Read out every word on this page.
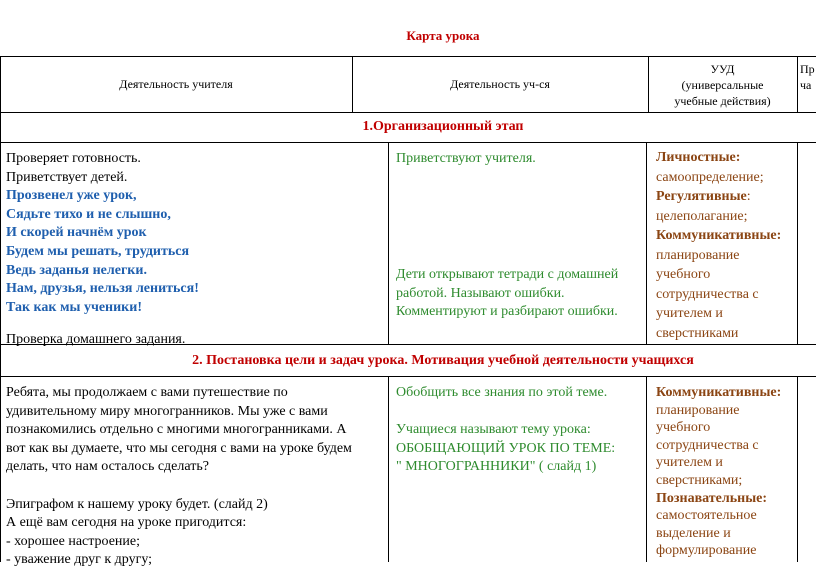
Карта урока
Деятельность учителя	Деятельность уч-ся
УУД
(универсальные
учебные действия)
Пр
ча
1.Организационный этап
Проверяет готовность.
Приветствует детей.
Прозвенел уже урок,
Сядьте тихо и не слышно,
И скорей начнём урок
Будем мы решать, трудиться
Ведь заданья нелегки.
Нам, друзья, нельзя лениться!
Так как мы ученики!
Проверка домашнего задания.
Приветствуют учителя.
Дети открывают тетради с домашней
работой. Называют ошибки.
Комментируют и разбирают ошибки.
Личностные:
самоопределение;
Регулятивные:
целеполагание;
Коммуникативные:
планирование
учебного
сотрудничества с
учителем и
сверстниками
2. Постановка цели и задач урока. Мотивация учебной деятельности учащихся
Ребята, мы продолжаем с вами путешествие по
удивительному миру многогранников. Мы уже с вами
познакомились отдельно с многими многогранниками. А
вот как вы думаете, что мы сегодня с вами на уроке будем
делать, что нам осталось сделать?
Эпиграфом к нашему уроку будет. (слайд 2)
А ещё вам сегодня на уроке пригодится:
- хорошее настроение;
- уважение друг к другу;
Обобщить все знания по этой теме.
Учащиеся называют тему урока:
ОБОБЩАЮЩИЙ УРОК ПО ТЕМЕ:
" МНОГОГРАННИКИ" ( слайд 1)
Коммуникативные:
планирование
учебного
сотрудничества с
учителем и
сверстниками;
Познавательные:
самостоятельное
выделение и
формулирование
